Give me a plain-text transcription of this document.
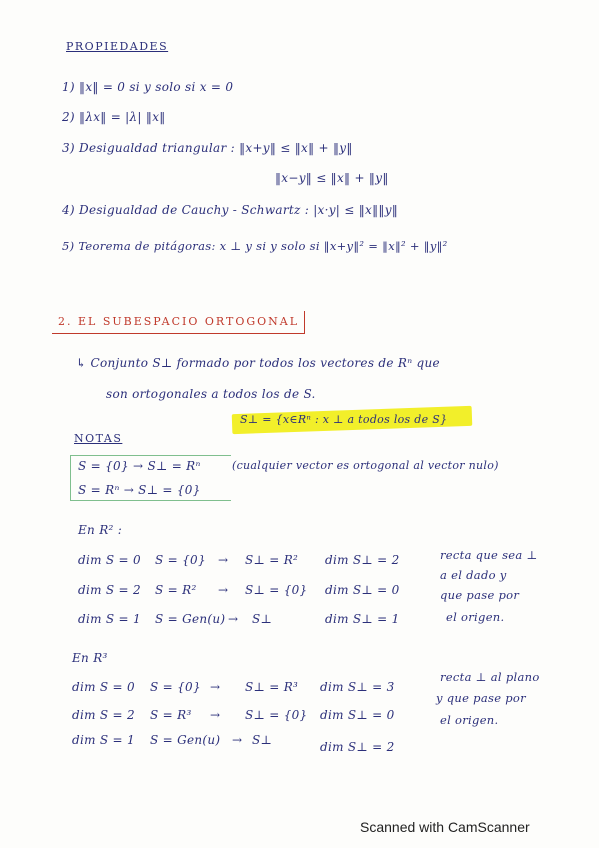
PROPIEDADES
1) ‖x‖ = 0 si y solo si x = 0
2) ‖λx‖ = |λ| ‖x‖
3) Desigualdad triangular : ‖x+y‖ ≤ ‖x‖ + ‖y‖
‖x−y‖ ≤ ‖x‖ + ‖y‖
4) Desigualdad de Cauchy - Schwartz : |x·y| ≤ ‖x‖‖y‖
5) Teorema de pitágoras: x ⊥ y si y solo si ‖x+y‖² = ‖x‖² + ‖y‖²
2. EL SUBESPACIO ORTOGONAL
↳ Conjunto S⊥ formado por todos los vectores de Rⁿ que
son ortogonales a todos los de S.
S⊥ = {x∈Rⁿ : x ⊥ a todos los de S}
NOTAS
S = {0} → S⊥ = Rⁿ	(cualquier vector es ortogonal al vector nulo)
S = Rⁿ → S⊥ = {0}
En R² :
dim S = 0 S = {0} → S⊥ = R² dim S⊥ = 2
dim S = 2 S = R² → S⊥ = {0} dim S⊥ = 0
dim S = 1 S = Gen(u) → S⊥	dim S⊥ = 1
recta que sea ⊥
a el dado y
que pase por
el origen.
En R³
dim S = 0 S = {0} → S⊥ = R³ dim S⊥ = 3
dim S = 2 S = R³ → S⊥ = {0} dim S⊥ = 0
dim S = 1 S = Gen(u) → S⊥	dim S⊥ = 2
recta ⊥ al plano
y que pase por
el origen.
Scanned with CamScanner
